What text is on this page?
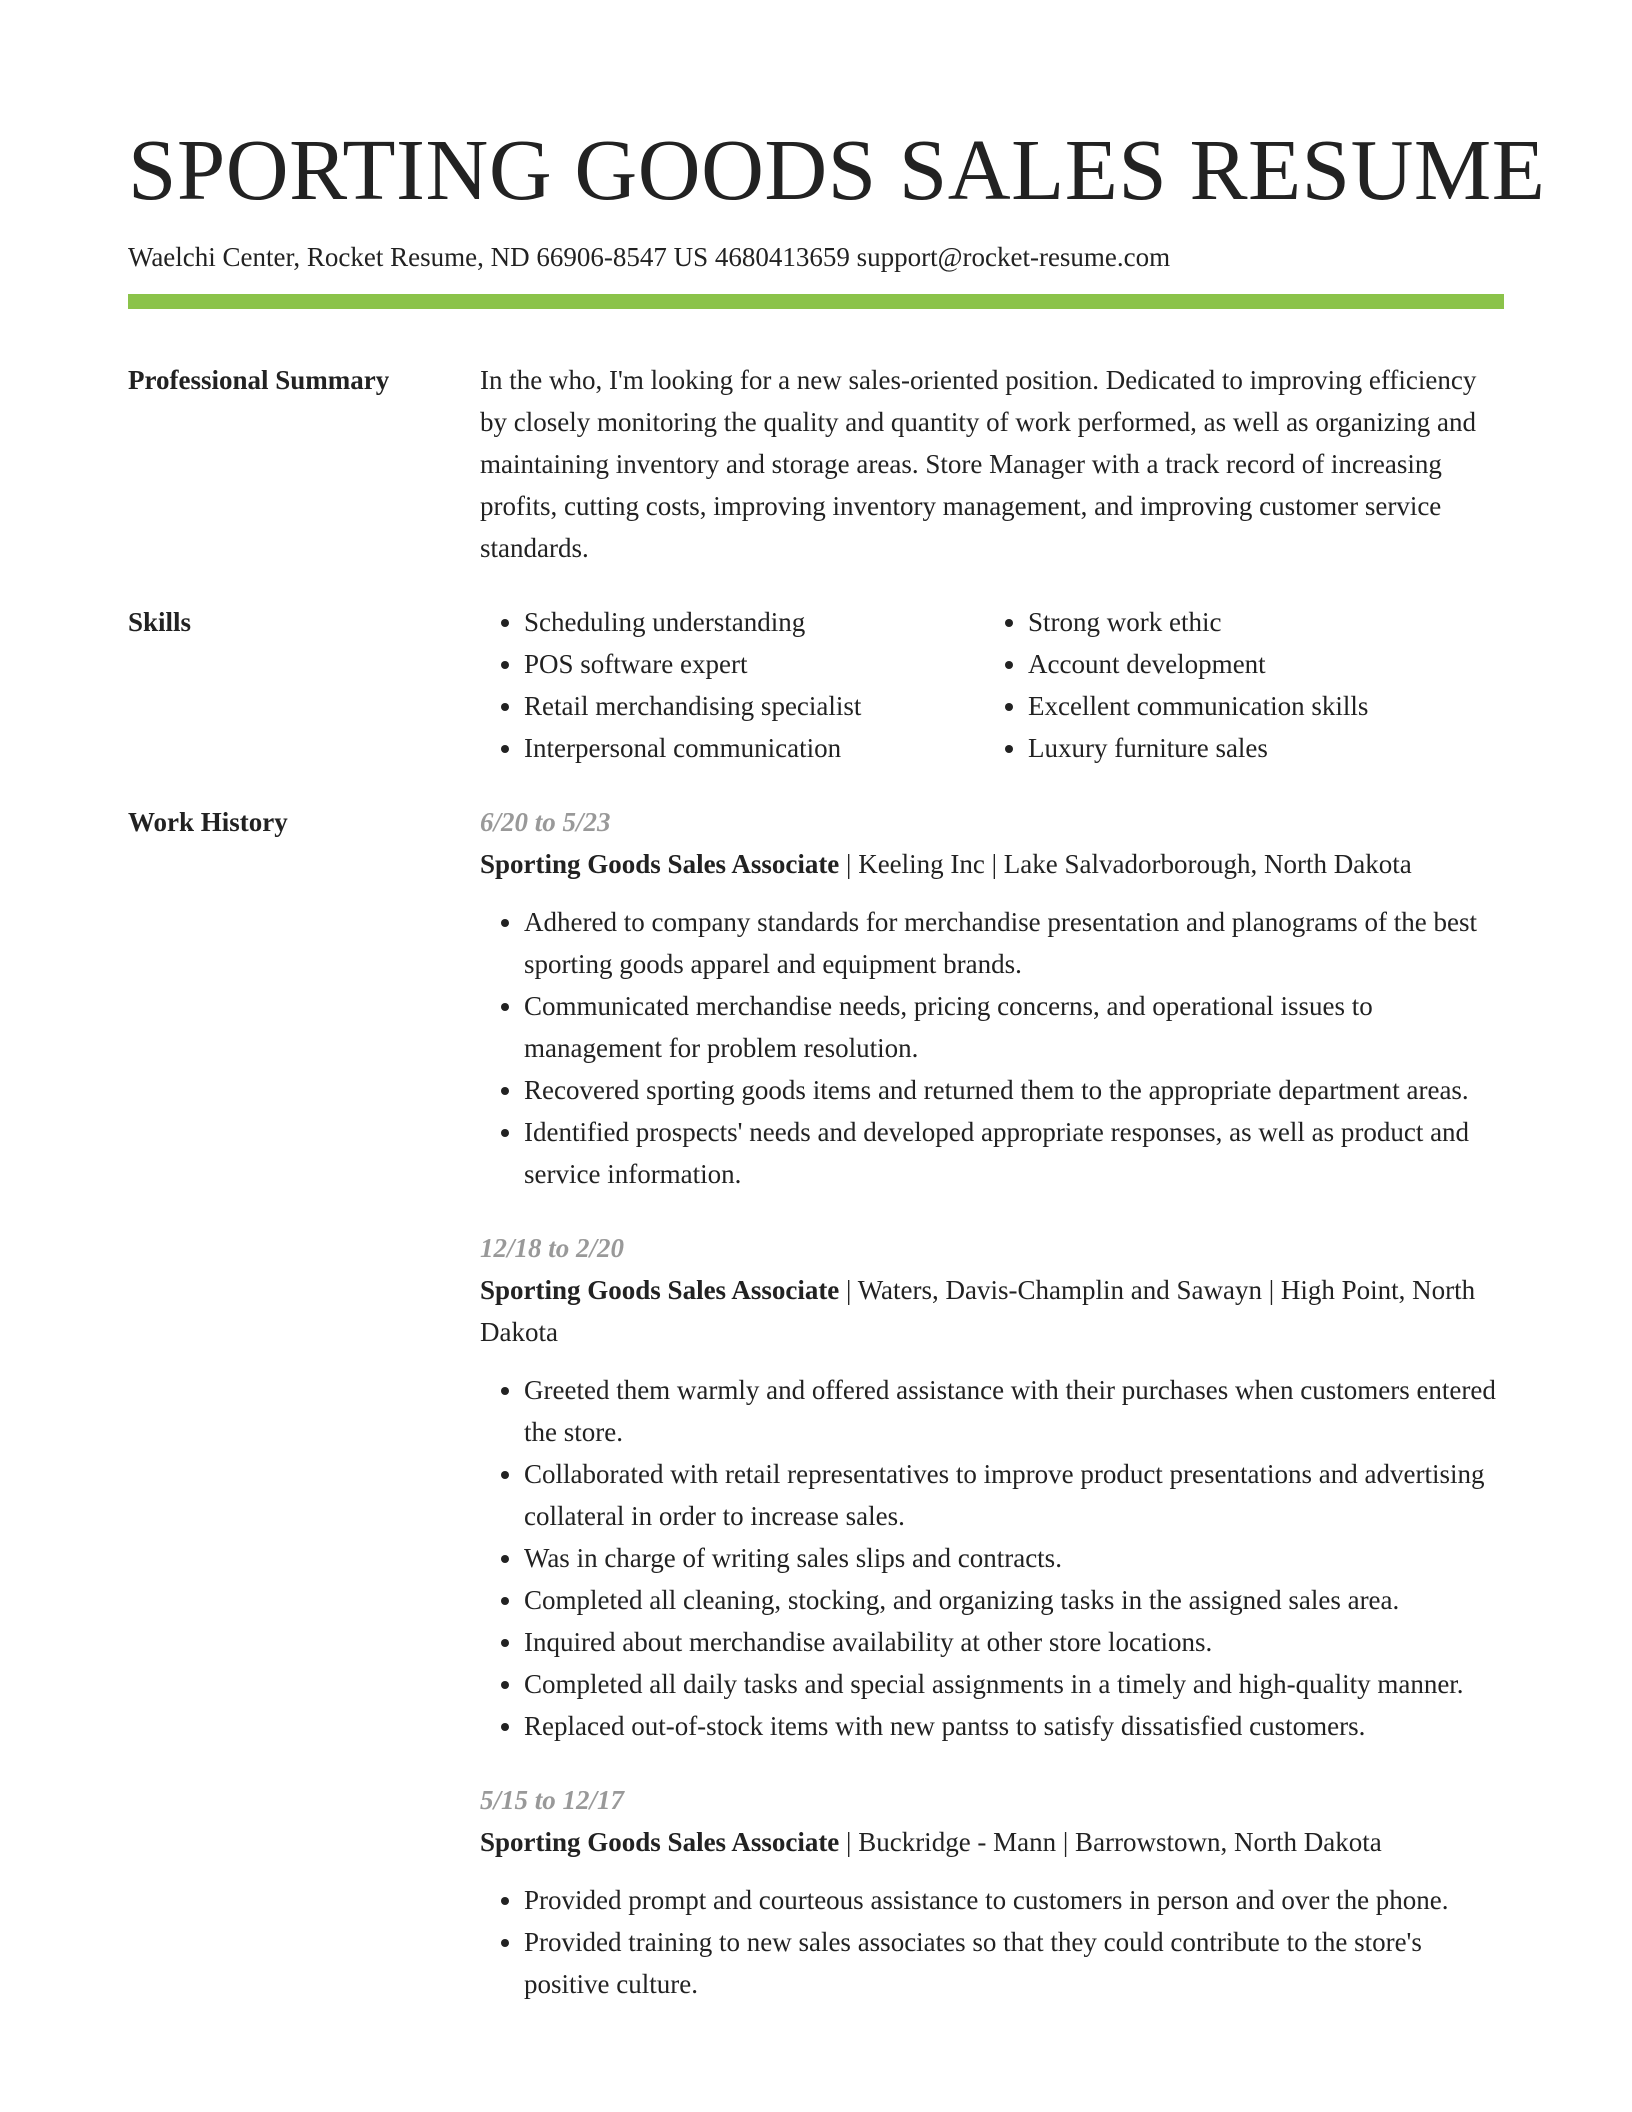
SPORTING GOODS SALES RESUME
Waelchi Center, Rocket Resume, ND 66906-8547 US 4680413659 support@rocket-resume.com
Professional Summary	In the who, I'm looking for a new sales-oriented position. Dedicated to improving efficiency by closely monitoring the quality and quantity of work performed, as well as organizing and maintaining inventory and storage areas. Store Manager with a track record of increasing profits, cutting costs, improving inventory management, and improving customer service standards.
Skills
•	Scheduling understanding
• POS software expert
• Retail merchandising specialist
• Interpersonal communication
• Strong work ethic
• Account development
• Excellent communication skills
• Luxury furniture sales
Work History	6/20 to 5/23
Sporting Goods Sales Associate | Keeling Inc | Lake Salvadorborough, North Dakota
• Adhered to company standards for merchandise presentation and planograms of the best sporting goods apparel and equipment brands.
• Communicated merchandise needs, pricing concerns, and operational issues to management for problem resolution.
• Recovered sporting goods items and returned them to the appropriate department areas.
• Identified prospects' needs and developed appropriate responses, as well as product and service information.
12/18 to 2/20
Sporting Goods Sales Associate | Waters, Davis-Champlin and Sawayn | High Point, North Dakota
• Greeted them warmly and offered assistance with their purchases when customers entered the store.
• Collaborated with retail representatives to improve product presentations and advertising collateral in order to increase sales.
• Was in charge of writing sales slips and contracts.
• Completed all cleaning, stocking, and organizing tasks in the assigned sales area.
• Inquired about merchandise availability at other store locations.
• Completed all daily tasks and special assignments in a timely and high-quality manner.
• Replaced out-of-stock items with new pantss to satisfy dissatisfied customers.
5/15 to 12/17
Sporting Goods Sales Associate | Buckridge - Mann | Barrowstown, North Dakota
• Provided prompt and courteous assistance to customers in person and over the phone.
• Provided training to new sales associates so that they could contribute to the store's positive culture.
